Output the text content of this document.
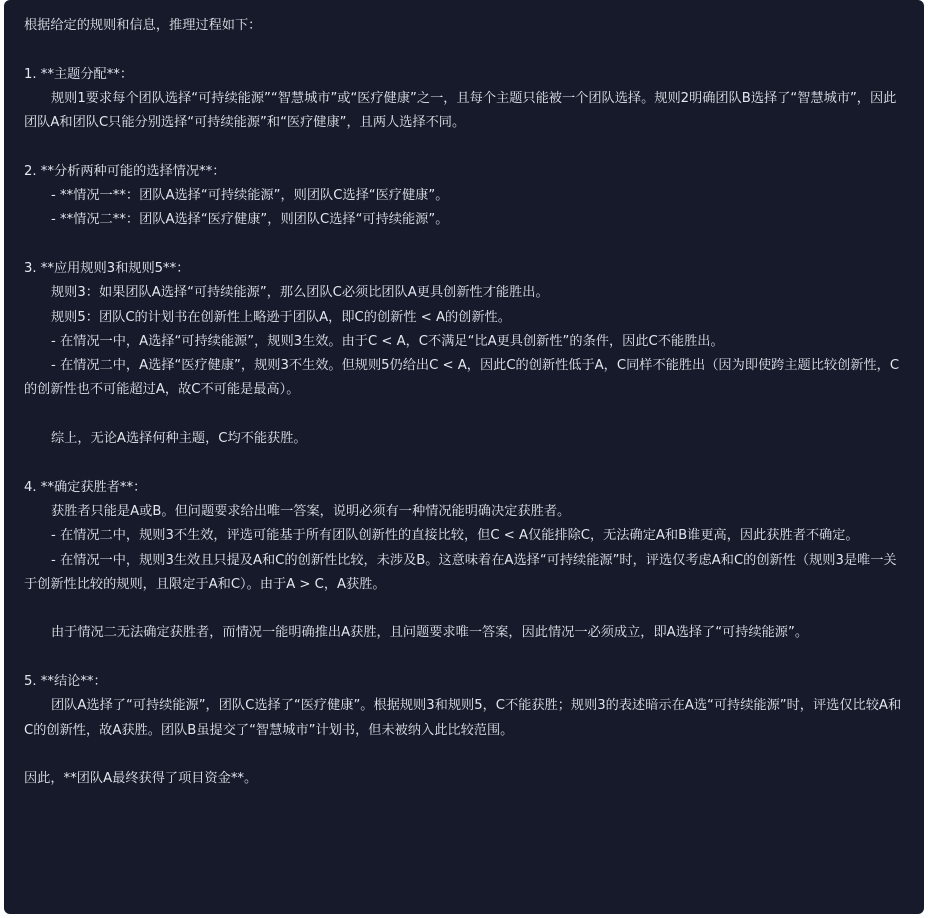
根据给定的规则和信息，推理过程如下：
1. **主题分配**：
规则1要求每个团队选择“可持续能源”“智慧城市”或“医疗健康”之一，且每个主题只能被一个团队选择。规则2明确团队B选择了“智慧城市”，因此团队A和团队C只能分别选择“可持续能源”和“医疗健康”，且两人选择不同。
2. **分析两种可能的选择情况**：
- **情况一**：团队A选择“可持续能源”，则团队C选择“医疗健康”。
- **情况二**：团队A选择“医疗健康”，则团队C选择“可持续能源”。
3. **应用规则3和规则5**：
规则3：如果团队A选择“可持续能源”，那么团队C必须比团队A更具创新性才能胜出。
规则5：团队C的计划书在创新性上略逊于团队A，即C的创新性 < A的创新性。
- 在情况一中，A选择“可持续能源”，规则3生效。由于C < A，C不满足“比A更具创新性”的条件，因此C不能胜出。
- 在情况二中，A选择“医疗健康”，规则3不生效。但规则5仍给出C < A，因此C的创新性低于A，C同样不能胜出（因为即使跨主题比较创新性，C的创新性也不可能超过A，故C不可能是最高）。
综上，无论A选择何种主题，C均不能获胜。
4. **确定获胜者**：
获胜者只能是A或B。但问题要求给出唯一答案，说明必须有一种情况能明确决定获胜者。
- 在情况二中，规则3不生效，评选可能基于所有团队创新性的直接比较，但C < A仅能排除C，无法确定A和B谁更高，因此获胜者不确定。
- 在情况一中，规则3生效且只提及A和C的创新性比较，未涉及B。这意味着在A选择“可持续能源”时，评选仅考虑A和C的创新性（规则3是唯一关于创新性比较的规则，且限定于A和C）。由于A > C，A获胜。
由于情况二无法确定获胜者，而情况一能明确推出A获胜，且问题要求唯一答案，因此情况一必须成立，即A选择了“可持续能源”。
5. **结论**：
团队A选择了“可持续能源”，团队C选择了“医疗健康”。根据规则3和规则5，C不能获胜；规则3的表述暗示在A选“可持续能源”时，评选仅比较A和C的创新性，故A获胜。团队B虽提交了“智慧城市”计划书，但未被纳入此比较范围。
因此，**团队A最终获得了项目资金**。
